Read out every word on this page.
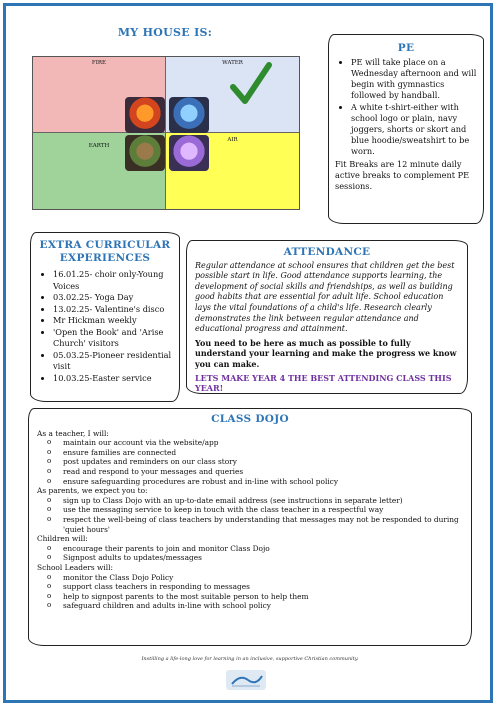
MY HOUSE IS:
FIRE	WATER
EARTH
AIR
PE
• PE will take place on a Wednesday afternoon and will begin with gymnastics followed by handball.
• A white t-shirt-either with school logo or plain, navy joggers, shorts or skort and blue hoodie/sweatshirt to be worn.

Fit Breaks are 12 minute daily active breaks to complement PE sessions.

EXTRA CURRICULAR EXPERIENCES
• 16.01.25- choir only-Young Voices
• 03.02.25- Yoga Day
• 13.02.25- Valentine's disco
• Mr Hickman weekly
• 'Open the Book' and 'Arise Church' visitors
• 05.03.25-Pioneer residential visit
• 10.03.25-Easter service
ATTENDANCE

Regular attendance at school ensures that children get the best possible start in life. Good attendance supports learning, the development of social skills and friendships, as well as building good habits that are essential for adult life. School education lays the vital foundations of a child's life. Research clearly demonstrates the link between regular attendance and educational progress and attainment.

You need to be here as much as possible to fully understand your learning and make the progress we know you can make.

LETS MAKE YEAR 4 THE BEST ATTENDING CLASS THIS YEAR!

CLASS DOJO
As a teacher, I will:
o maintain our account via the website/app
o ensure families are connected
o post updates and reminders on our class story
o read and respond to your messages and queries
o ensure safeguarding procedures are robust and in-line with school policy
As parents, we expect you to:
o sign up to Class Dojo with an up-to-date email address (see instructions in separate letter)
o use the messaging service to keep in touch with the class teacher in a respectful way
o respect the well-being of class teachers by understanding that messages may not be responded to during 'quiet hours'
Children will:
o encourage their parents to join and monitor Class Dojo
o Signpost adults to updates/messages
School Leaders will:
o monitor the Class Dojo Policy
o support class teachers in responding to messages
o help to signpost parents to the most suitable person to help them
o safeguard children and adults in-line with school policy
Instilling a life-long love for learning in an inclusive, supportive Christian community.
